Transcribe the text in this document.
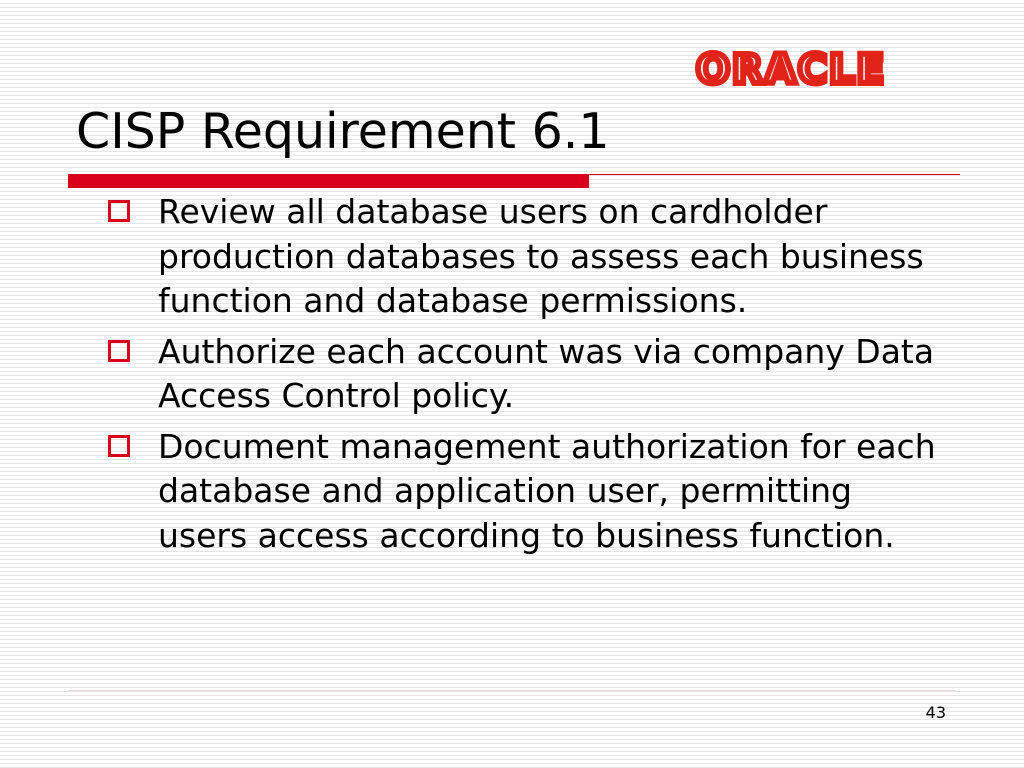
ORACLE
CISP Requirement 6.1
Review all database users on cardholder production databases to assess each business function and database permissions.
Authorize each account was via company Data Access Control policy.
Document management authorization for each database and application user, permitting users access according to business function.
43
